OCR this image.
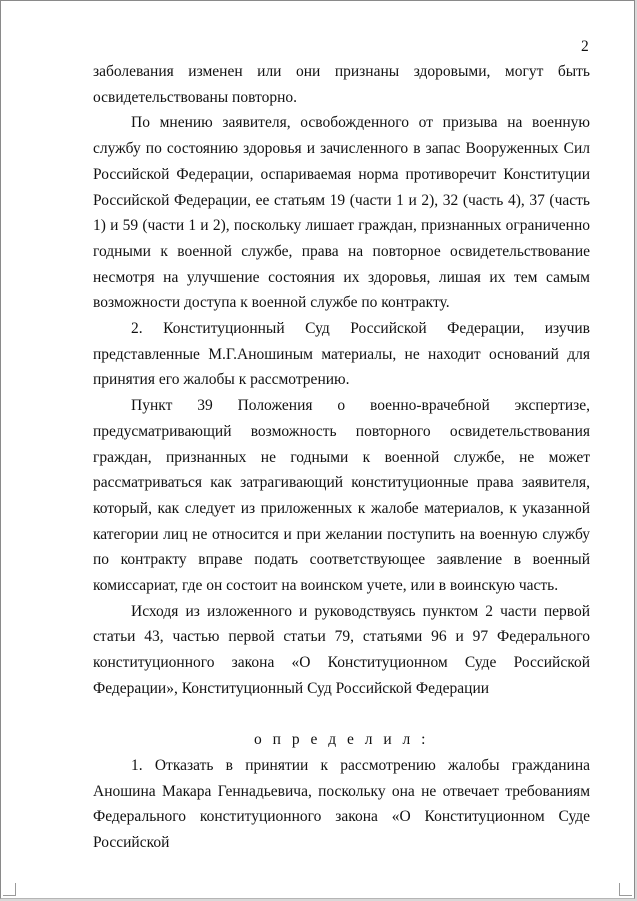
2

заболевания изменен или они признаны здоровыми, могут быть освидетельствованы повторно.

По мнению заявителя, освобожденного от призыва на военную службу по состоянию здоровья и зачисленного в запас Вооруженных Сил Российской Федерации, оспариваемая норма противоречит Конституции Российской Федерации, ее статьям 19 (части 1 и 2), 32 (часть 4), 37 (часть 1) и 59 (части 1 и 2), поскольку лишает граждан, признанных ограниченно годными к военной службе, права на повторное освидетельствование несмотря на улучшение состояния их здоровья, лишая их тем самым возможности доступа к военной службе по контракту.

2. Конституционный Суд Российской Федерации, изучив представленные М.Г.Аношиным материалы, не находит оснований для принятия его жалобы к рассмотрению.

Пункт 39 Положения о военно-врачебной экспертизе, предусматривающий возможность повторного освидетельствования граждан, признанных не годными к военной службе, не может рассматриваться как затрагивающий конституционные права заявителя, который, как следует из приложенных к жалобе материалов, к указанной категории лиц не относится и при желании поступить на военную службу по контракту вправе подать соответствующее заявление в военный комиссариат, где он состоит на воинском учете, или в воинскую часть.

Исходя из изложенного и руководствуясь пунктом 2 части первой статьи 43, частью первой статьи 79, статьями 96 и 97 Федерального конституционного закона «О Конституционном Суде Российской Федерации», Конституционный Суд Российской Федерации

о п р е д е л и л :

1. Отказать в принятии к рассмотрению жалобы гражданина Аношина Макара Геннадьевича, поскольку она не отвечает требованиям Федерального конституционного закона «О Конституционном Суде Российской
